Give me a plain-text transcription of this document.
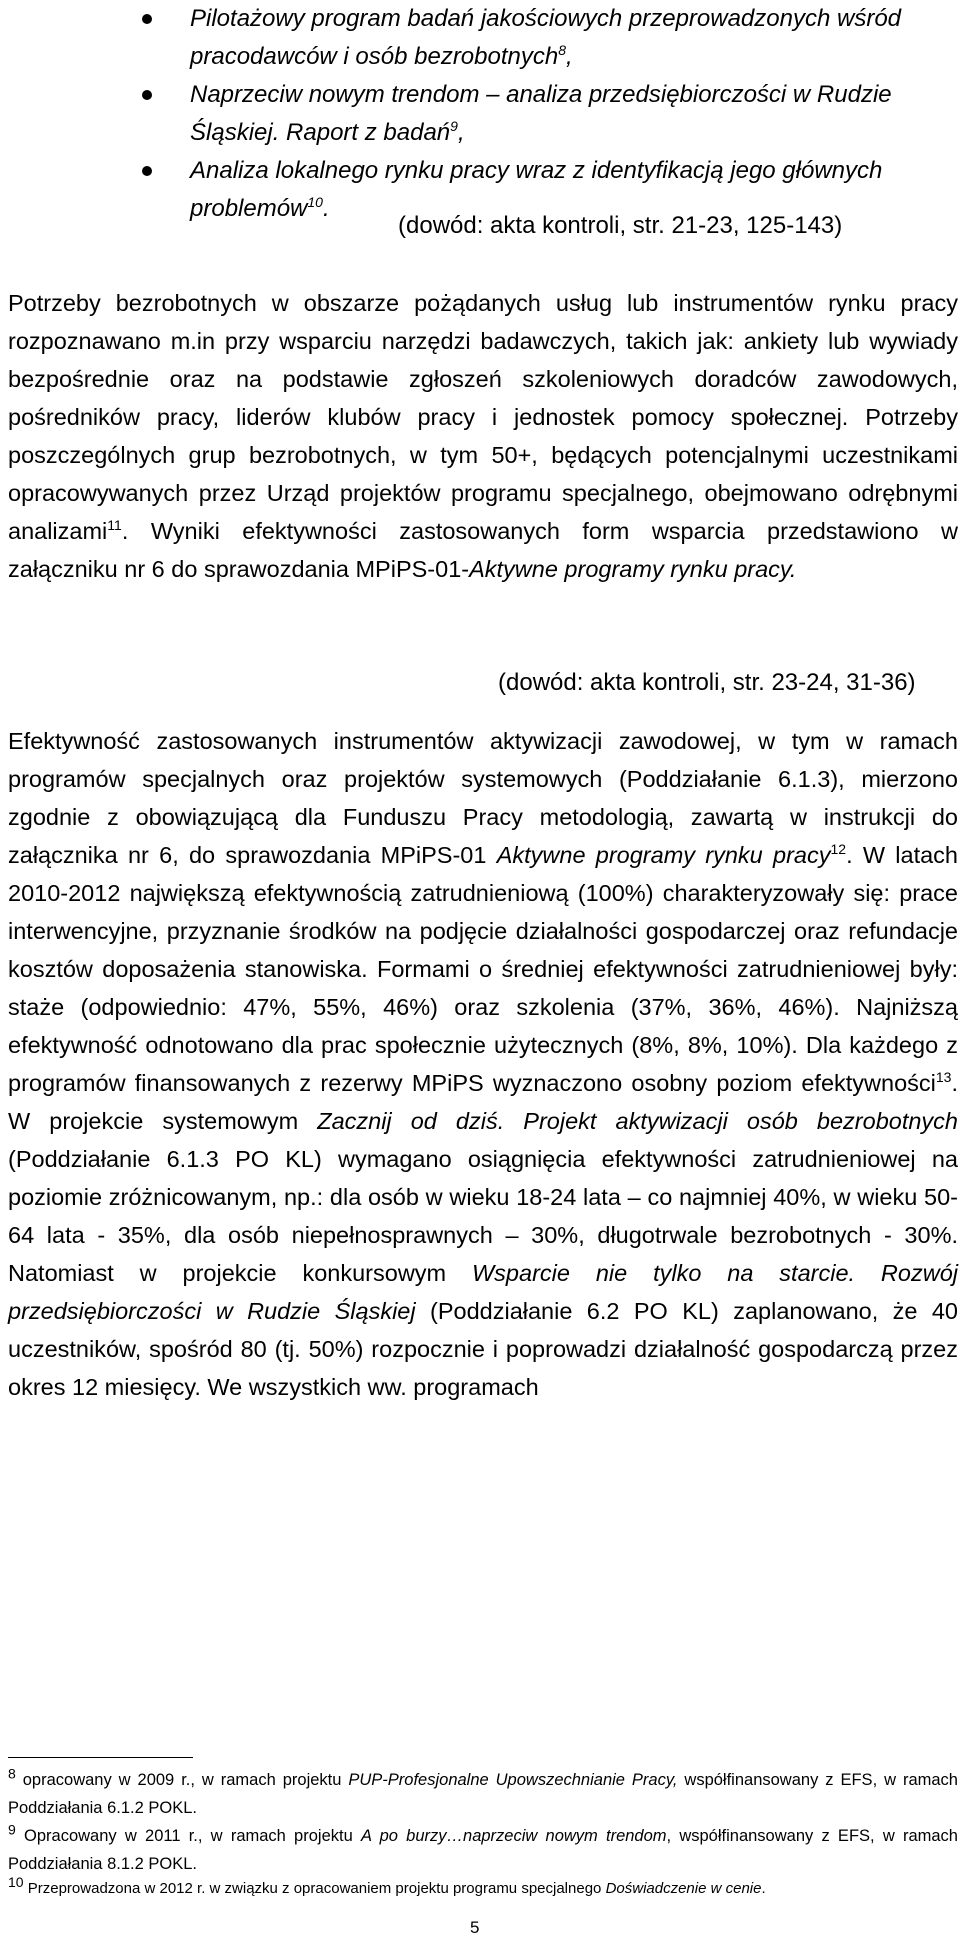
Pilotażowy program badań jakościowych przeprowadzonych wśród pracodawców i osób bezrobotnych$^8$,
Naprzeciw nowym trendom – analiza przedsiębiorczości w Rudzie Śląskiej. Raport z badań$^9$,
Analiza lokalnego rynku pracy wraz z identyfikacją jego głównych problemów$^{10}$.
(dowód: akta kontroli, str. 21-23, 125-143)

Potrzeby bezrobotnych w obszarze pożądanych usług lub instrumentów rynku pracy rozpoznawano m.in przy wsparciu narzędzi badawczych, takich jak: ankiety lub wywiady bezpośrednie oraz na podstawie zgłoszeń szkoleniowych doradców zawodowych, pośredników pracy, liderów klubów pracy i jednostek pomocy społecznej. Potrzeby poszczególnych grup bezrobotnych, w tym 50+, będących potencjalnymi uczestnikami opracowywanych przez Urząd projektów programu specjalnego, obejmowano odrębnymi analizami$^{11}$. Wyniki efektywności zastosowanych form wsparcia przedstawiono w załączniku nr 6 do sprawozdania MPiPS-01-Aktywne programy rynku pracy.

(dowód: akta kontroli, str. 23-24, 31-36)

Efektywność zastosowanych instrumentów aktywizacji zawodowej, w tym w ramach programów specjalnych oraz projektów systemowych (Poddziałanie 6.1.3), mierzono zgodnie z obowiązującą dla Funduszu Pracy metodologią, zawartą w instrukcji do załącznika nr 6, do sprawozdania MPiPS-01 Aktywne programy rynku pracy$^{12}$. W latach 2010-2012 największą efektywnością zatrudnieniową (100%) charakteryzowały się: prace interwencyjne, przyznanie środków na podjęcie działalności gospodarczej oraz refundacje kosztów doposażenia stanowiska. Formami o średniej efektywności zatrudnieniowej były: staże (odpowiednio: 47%, 55%, 46%) oraz szkolenia (37%, 36%, 46%). Najniższą efektywność odnotowano dla prac społecznie użytecznych (8%, 8%, 10%). Dla każdego z programów finansowanych z rezerwy MPiPS wyznaczono osobny poziom efektywności$^{13}$. W projekcie systemowym Zacznij od dziś. Projekt aktywizacji osób bezrobotnych (Poddziałanie 6.1.3 PO KL) wymagano osiągnięcia efektywności zatrudnieniowej na poziomie zróżnicowanym, np.: dla osób w wieku 18-24 lata – co najmniej 40%, w wieku 50-64 lata - 35%, dla osób niepełnosprawnych – 30%, długotrwale bezrobotnych - 30%. Natomiast w projekcie konkursowym Wsparcie nie tylko na starcie. Rozwój przedsiębiorczości w Rudzie Śląskiej (Poddziałanie 6.2 PO KL) zaplanowano, że 40 uczestników, spośród 80 (tj. 50%) rozpocznie i poprowadzi działalność gospodarczą przez okres 12 miesięcy. We wszystkich ww. programach

$^8$ opracowany w 2009 r., w ramach projektu PUP-Profesjonalne Upowszechnianie Pracy, współfinansowany z EFS, w ramach Poddziałania 6.1.2 POKL.

$^9$ Opracowany w 2011 r., w ramach projektu A po burzy…naprzeciw nowym trendom, współfinansowany z EFS, w ramach Poddziałania 8.1.2 POKL.

$^{10}$ Przeprowadzona w 2012 r. w związku z opracowaniem projektu programu specjalnego Doświadczenie w cenie.

5
